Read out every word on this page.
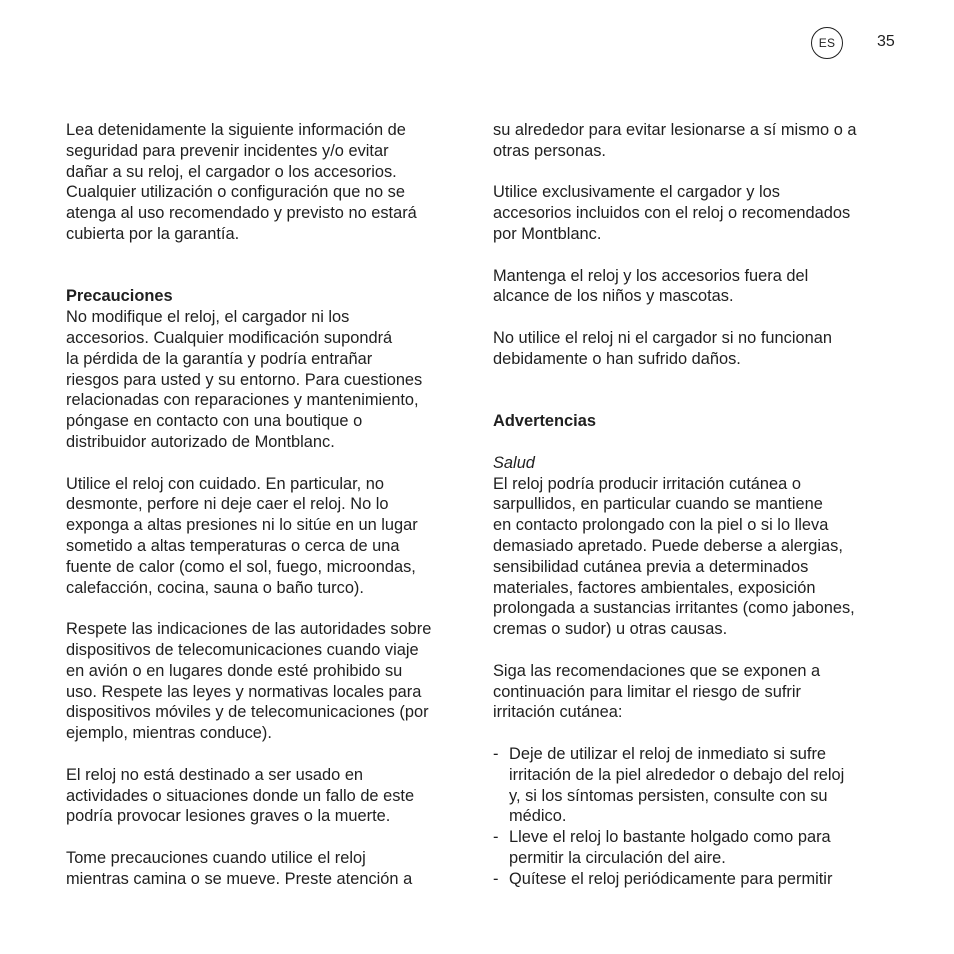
ES	35
Lea detenidamente la siguiente información de
seguridad para prevenir incidentes y/o evitar
dañar a su reloj, el cargador o los accesorios.
Cualquier utilización o configuración que no se
atenga al uso recomendado y previsto no estará
cubierta por la garantía.
Precauciones
No modifique el reloj, el cargador ni los
accesorios. Cualquier modificación supondrá
la pérdida de la garantía y podría entrañar
riesgos para usted y su entorno. Para cuestiones
relacionadas con reparaciones y mantenimiento,
póngase en contacto con una boutique o
distribuidor autorizado de Montblanc.
Utilice el reloj con cuidado. En particular, no
desmonte, perfore ni deje caer el reloj. No lo
exponga a altas presiones ni lo sitúe en un lugar
sometido a altas temperaturas o cerca de una
fuente de calor (como el sol, fuego, microondas,
calefacción, cocina, sauna o baño turco).
Respete las indicaciones de las autoridades sobre
dispositivos de telecomunicaciones cuando viaje
en avión o en lugares donde esté prohibido su
uso. Respete las leyes y normativas locales para
dispositivos móviles y de telecomunicaciones (por
ejemplo, mientras conduce).
El reloj no está destinado a ser usado en
actividades o situaciones donde un fallo de este
podría provocar lesiones graves o la muerte.
Tome precauciones cuando utilice el reloj
mientras camina o se mueve. Preste atención a
su alrededor para evitar lesionarse a sí mismo o a
otras personas.
Utilice exclusivamente el cargador y los
accesorios incluidos con el reloj o recomendados
por Montblanc.
Mantenga el reloj y los accesorios fuera del
alcance de los niños y mascotas.
No utilice el reloj ni el cargador si no funcionan
debidamente o han sufrido daños.
Advertencias
Salud
El reloj podría producir irritación cutánea o
sarpullidos, en particular cuando se mantiene
en contacto prolongado con la piel o si lo lleva
demasiado apretado. Puede deberse a alergias,
sensibilidad cutánea previa a determinados
materiales, factores ambientales, exposición
prolongada a sustancias irritantes (como jabones,
cremas o sudor) u otras causas.
Siga las recomendaciones que se exponen a
continuación para limitar el riesgo de sufrir
irritación cutánea:
- Deje de utilizar el reloj de inmediato si sufre
irritación de la piel alrededor o debajo del reloj
y, si los síntomas persisten, consulte con su
médico.
- Lleve el reloj lo bastante holgado como para
permitir la circulación del aire.
- Quítese el reloj periódicamente para permitir
